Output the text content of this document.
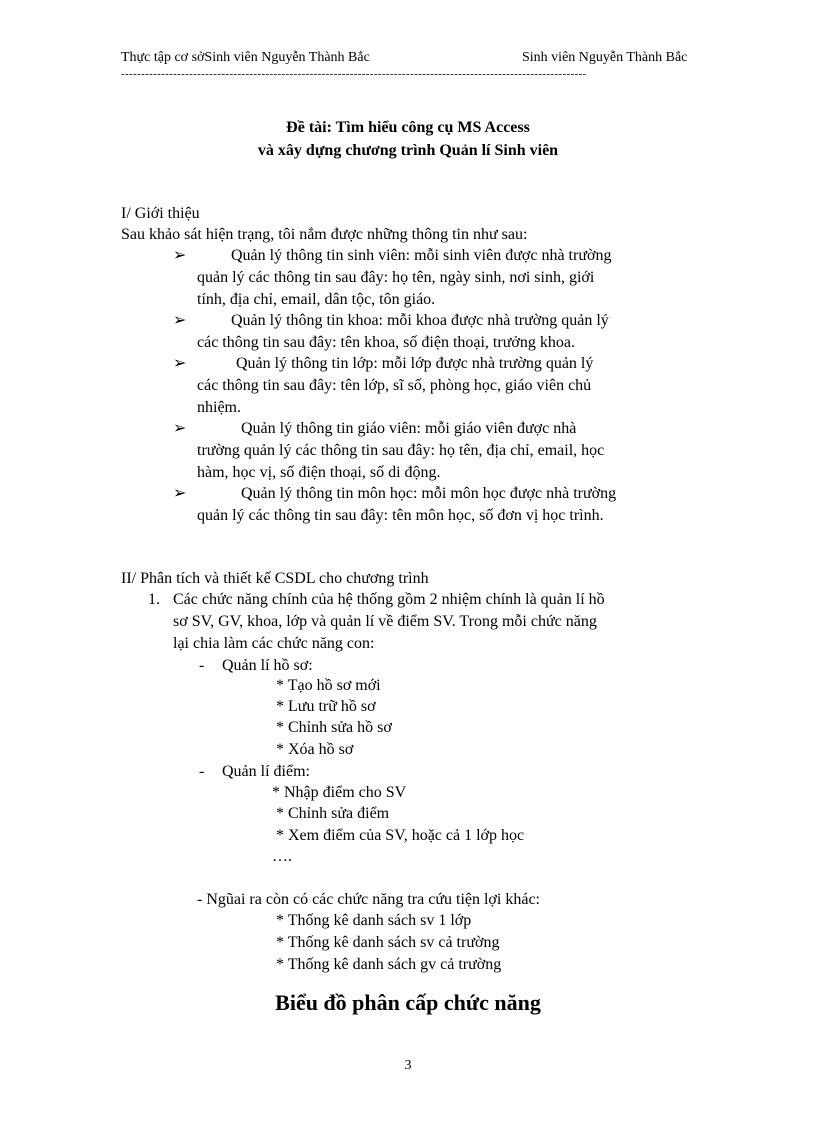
Thực tập cơ sởSinh viên Nguyễn Thành Bắc	Sinh viên Nguyễn Thành Bắc
--------------------------------------------------------------------------------------------------------------------
Đề tài: Tìm hiểu công cụ MS Access
và xây dựng chương trình Quản lí Sinh viên
I/ Giới thiệu
Sau khảo sát hiện trạng, tôi nắm được những thông tin như sau:
➢	Quản lý thông tin sinh viên: mỗi sinh viên được nhà trường
quản lý các thông tin sau đây: họ tên, ngày sinh, nơi sinh, giới
tính, địa chỉ, email, dân tộc, tôn giáo.
➢	Quản lý thông tin khoa: mỗi khoa được nhà trường quản lý
các thông tin sau đây: tên khoa, số điện thoại, trưởng khoa.
➢	Quản lý thông tin lớp: mỗi lớp được nhà trường quản lý
các thông tin sau đây: tên lớp, sĩ số, phòng học, giáo viên chủ
nhiệm.
➢	Quản lý thông tin giáo viên: mỗi giáo viên được nhà
trường quản lý các thông tin sau đây: họ tên, địa chỉ, email, học
hàm, học vị, số điện thoại, số di động.
➢	Quản lý thông tin môn học: mỗi môn học được nhà trường
quản lý các thông tin sau đây: tên môn học, số đơn vị học trình.
II/ Phân tích và thiết kế CSDL cho chương trình
1. Các chức năng chính của hệ thống gồm 2 nhiệm chính là quản lí hồ
sơ SV, GV, khoa, lớp và quản lí về điểm SV. Trong mỗi chức năng
lại chia làm các chức năng con:
- Quản lí hồ sơ:
* Tạo hồ sơ mới
* Lưu trữ hồ sơ
* Chỉnh sửa hồ sơ
* Xóa hồ sơ
- Quản lí điểm:
* Nhập điểm cho SV
* Chỉnh sửa điểm
* Xem điểm của SV, hoặc cả 1 lớp học
….
- Ngũai ra còn có các chức năng tra cứu tiện lợi khác:
* Thống kê danh sách sv 1 lớp
* Thống kê danh sách sv cả trường
* Thống kê danh sách gv cả trường
Biểu đồ phân cấp chức năng
3
